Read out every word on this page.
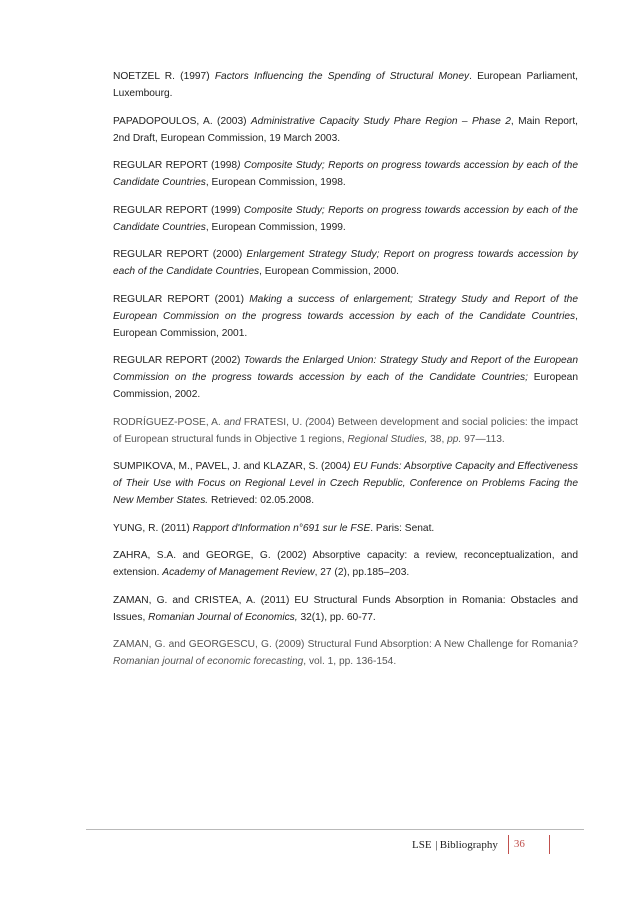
NOETZEL R. (1997) Factors Influencing the Spending of Structural Money. European Parliament, Luxembourg.

PAPADOPOULOS, A. (2003) Administrative Capacity Study Phare Region – Phase 2, Main Report, 2nd Draft, European Commission, 19 March 2003.

REGULAR REPORT (1998) Composite Study; Reports on progress towards accession by each of the Candidate Countries, European Commission, 1998.

REGULAR REPORT (1999) Composite Study; Reports on progress towards accession by each of the Candidate Countries, European Commission, 1999.

REGULAR REPORT (2000) Enlargement Strategy Study; Report on progress towards accession by each of the Candidate Countries, European Commission, 2000.

REGULAR REPORT (2001) Making a success of enlargement; Strategy Study and Report of the European Commission on the progress towards accession by each of the Candidate Countries, European Commission, 2001.

REGULAR REPORT (2002) Towards the Enlarged Union: Strategy Study and Report of the European Commission on the progress towards accession by each of the Candidate Countries; European Commission, 2002.

RODRÍGUEZ-POSE, A. and FRATESI, U. (2004) Between development and social policies: the impact of European structural funds in Objective 1 regions, Regional Studies, 38, pp. 97—113.

SUMPIKOVA, M., PAVEL, J. and KLAZAR, S. (2004) EU Funds: Absorptive Capacity and Effectiveness of Their Use with Focus on Regional Level in Czech Republic, Conference on Problems Facing the New Member States. Retrieved: 02.05.2008.

YUNG, R. (2011) Rapport d'Information n°691 sur le FSE. Paris: Senat.

ZAHRA, S.A. and GEORGE, G. (2002) Absorptive capacity: a review, reconceptualization, and extension. Academy of Management Review, 27 (2), pp.185–203.

ZAMAN, G. and CRISTEA, A. (2011) EU Structural Funds Absorption in Romania: Obstacles and Issues, Romanian Journal of Economics, 32(1), pp. 60-77.

ZAMAN, G. and GEORGESCU, G. (2009) Structural Fund Absorption: A New Challenge for Romania? Romanian journal of economic forecasting, vol. 1, pp. 136-154.

LSE | Bibliography	36
